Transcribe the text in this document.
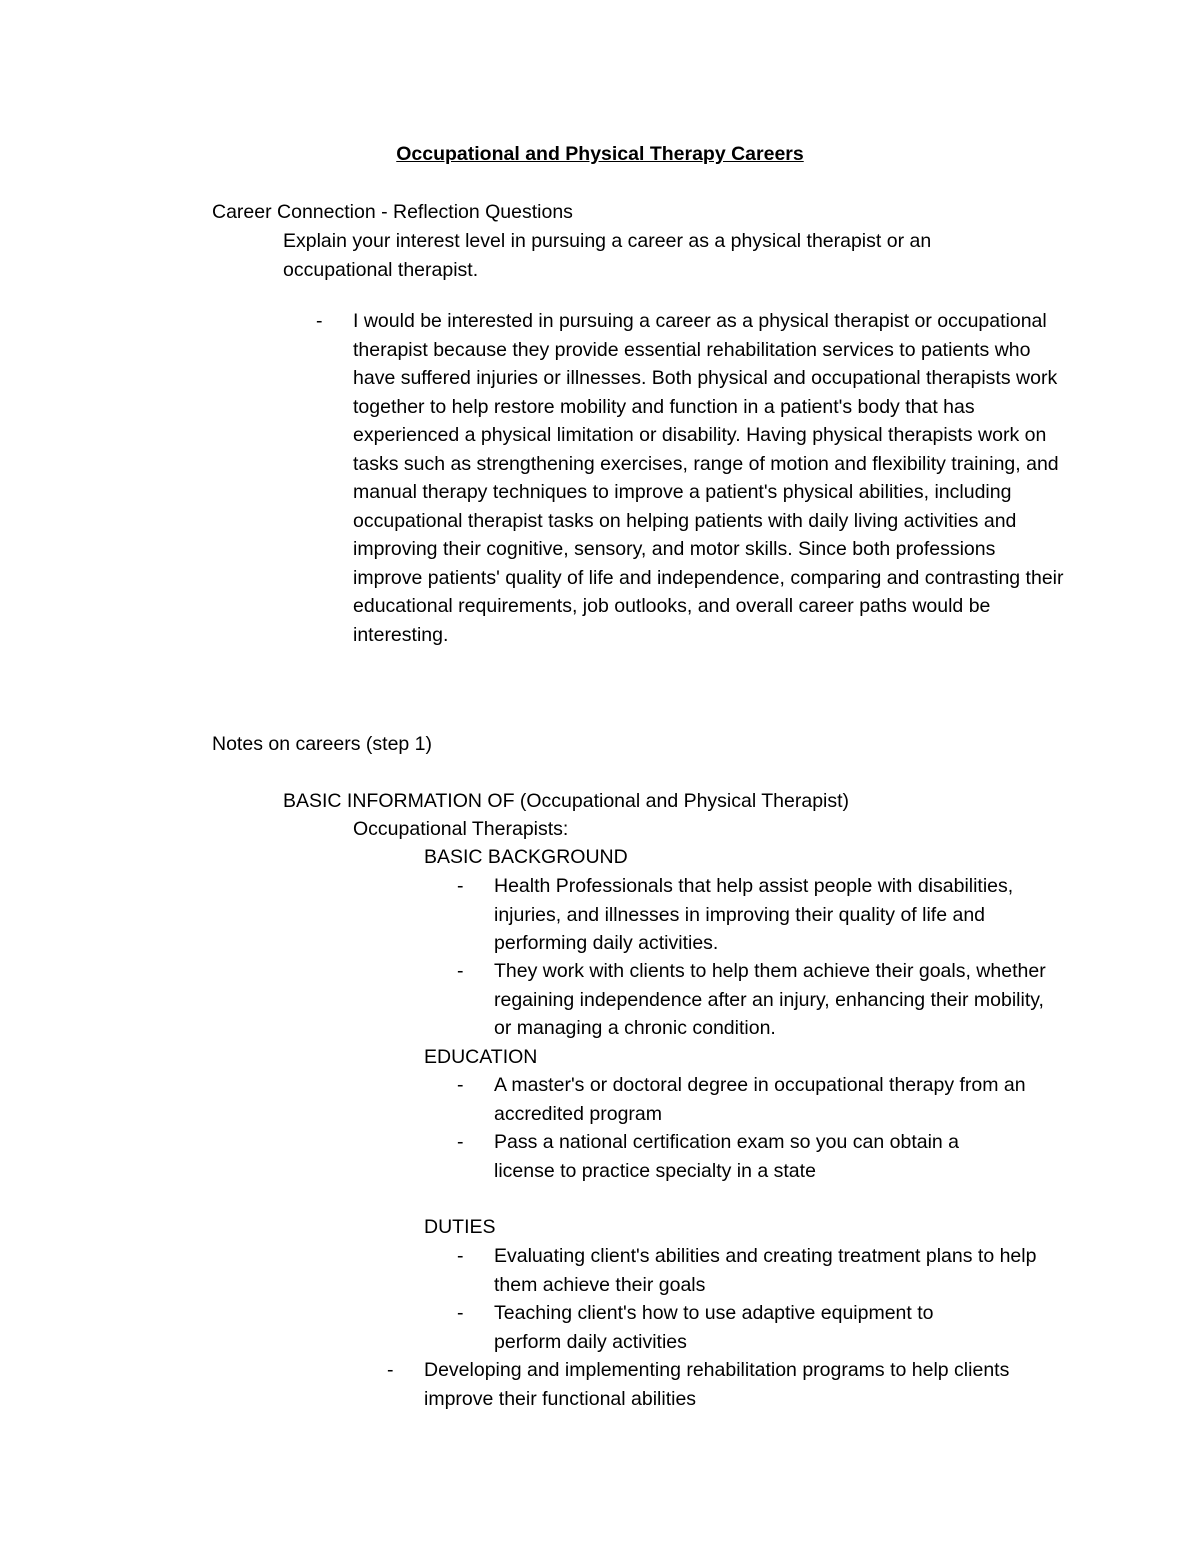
Occupational and Physical Therapy Careers
Career Connection - Reflection Questions
Explain your interest level in pursuing a career as a physical therapist or an occupational therapist.
- I would be interested in pursuing a career as a physical therapist or occupational therapist because they provide essential rehabilitation services to patients who have suffered injuries or illnesses. Both physical and occupational therapists work together to help restore mobility and function in a patient's body that has experienced a physical limitation or disability. Having physical therapists work on tasks such as strengthening exercises, range of motion and flexibility training, and manual therapy techniques to improve a patient's physical abilities, including occupational therapist tasks on helping patients with daily living activities and improving their cognitive, sensory, and motor skills. Since both professions improve patients' quality of life and independence, comparing and contrasting their educational requirements, job outlooks, and overall career paths would be interesting.
Notes on careers (step 1)
BASIC INFORMATION OF (Occupational and Physical Therapist)
Occupational Therapists:
BASIC BACKGROUND
- Health Professionals that help assist people with disabilities, injuries, and illnesses in improving their quality of life and performing daily activities.
- They work with clients to help them achieve their goals, whether regaining independence after an injury, enhancing their mobility, or managing a chronic condition.
EDUCATION
- A master's or doctoral degree in occupational therapy from an accredited program
- Pass a national certification exam so you can obtain a license to practice specialty in a state
DUTIES
- Evaluating client's abilities and creating treatment plans to help them achieve their goals
- Teaching client's how to use adaptive equipment to perform daily activities
- Developing and implementing rehabilitation programs to help clients improve their functional abilities
